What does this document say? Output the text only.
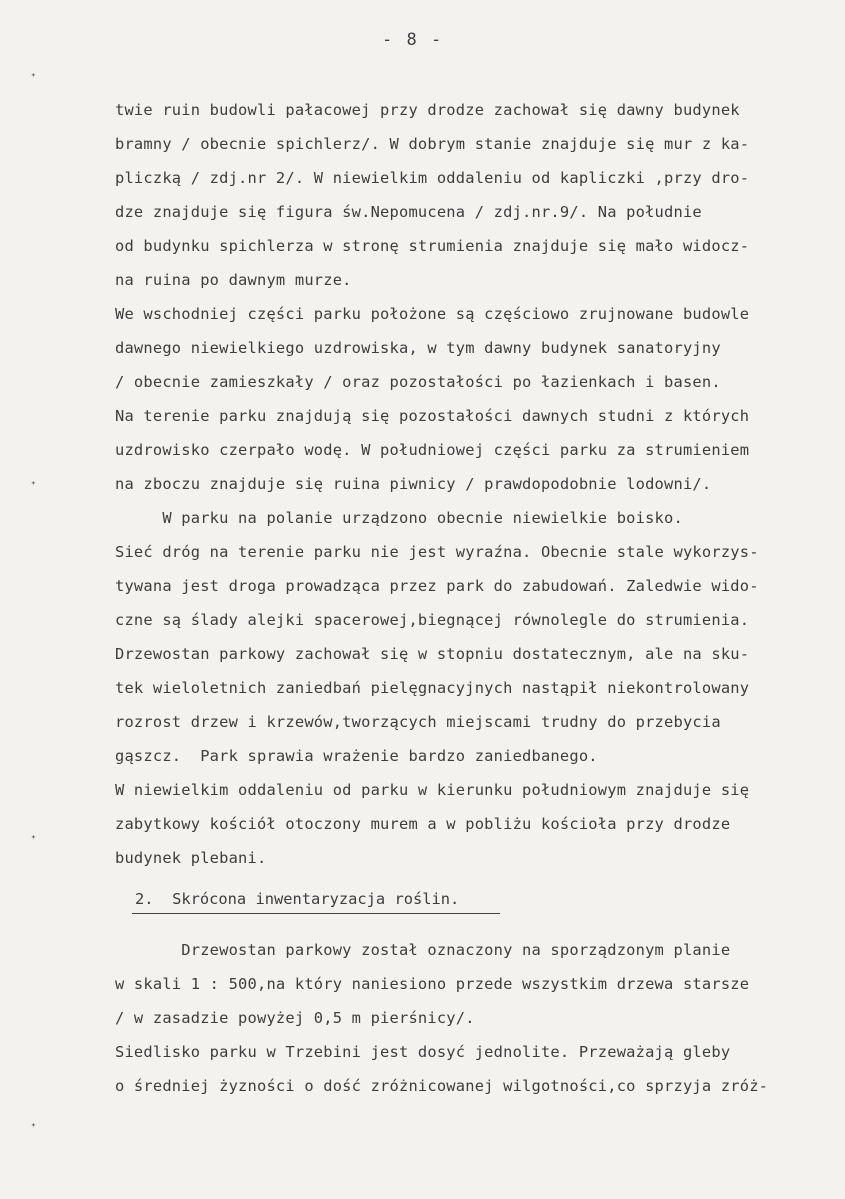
- 8 -
twie ruin budowli pałacowej przy drodze zachował się dawny budynek
bramny / obecnie spichlerz/. W dobrym stanie znajduje się mur z ka-
pliczką / zdj.nr 2/. W niewielkim oddaleniu od kapliczki ,przy dro-
dze znajduje się figura św.Nepomucena / zdj.nr.9/. Na południe
od budynku spichlerza w stronę strumienia znajduje się mało widocz-
na ruina po dawnym murze.
We wschodniej części parku położone są częściowo zrujnowane budowle
dawnego niewielkiego uzdrowiska, w tym dawny budynek sanatoryjny
/ obecnie zamieszkały / oraz pozostałości po łazienkach i basen.
Na terenie parku znajdują się pozostałości dawnych studni z których
uzdrowisko czerpało wodę. W południowej części parku za strumieniem
na zboczu znajduje się ruina piwnicy / prawdopodobnie lodowni/.
W parku na polanie urządzono obecnie niewielkie boisko.
Sieć dróg na terenie parku nie jest wyraźna. Obecnie stale wykorzys-
tywana jest droga prowadząca przez park do zabudowań. Zaledwie wido-
czne są ślady alejki spacerowej,biegnącej równolegle do strumienia.
Drzewostan parkowy zachował się w stopniu dostatecznym, ale na sku-
tek wieloletnich zaniedbań pielęgnacyjnych nastąpił niekontrolowany
rozrost drzew i krzewów,tworzących miejscami trudny do przebycia
gąszcz.  Park sprawia wrażenie bardzo zaniedbanego.
W niewielkim oddaleniu od parku w kierunku południowym znajduje się
zabytkowy kościół otoczony murem a w pobliżu kościoła przy drodze
budynek plebani.
2.  Skrócona inwentaryzacja roślin.
Drzewostan parkowy został oznaczony na sporządzonym planie
w skali 1 : 500,na który naniesiono przede wszystkim drzewa starsze
/ w zasadzie powyżej 0,5 m pierśnicy/.
Siedlisko parku w Trzebini jest dosyć jednolite. Przeważają gleby
o średniej żyzności o dość zróżnicowanej wilgotności,co sprzyja zróż-
˖
˖
˖
˖
